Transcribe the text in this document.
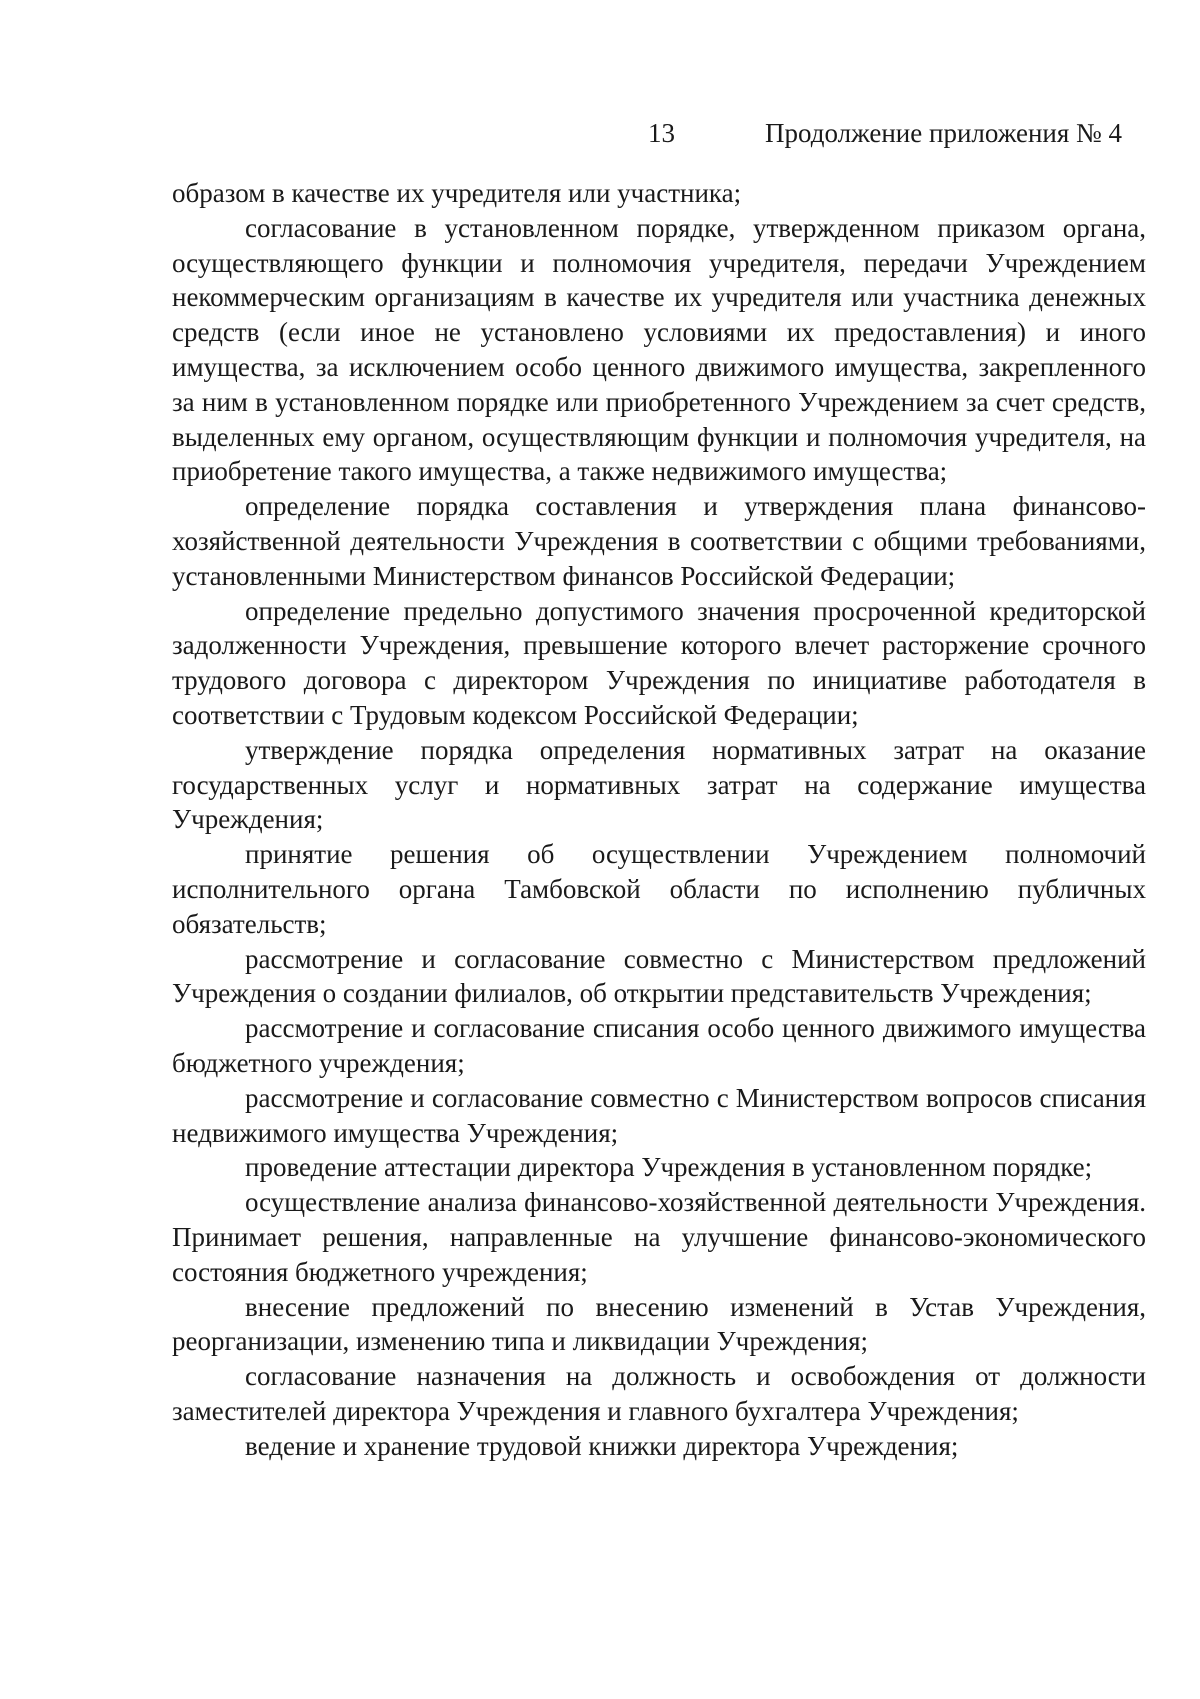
13	Продолжение приложения № 4

образом в качестве их учредителя или участника;

согласование в установленном порядке, утвержденном приказом органа, осуществляющего функции и полномочия учредителя, передачи Учреждением некоммерческим организациям в качестве их учредителя или участника денежных средств (если иное не установлено условиями их предоставления) и иного имущества, за исключением особо ценного движимого имущества, закрепленного за ним в установленном порядке или приобретенного Учреждением за счет средств, выделенных ему органом, осуществляющим функции и полномочия учредителя, на приобретение такого имущества, а также недвижимого имущества;

определение порядка составления и утверждения плана финансово-хозяйственной деятельности Учреждения в соответствии с общими требованиями, установленными Министерством финансов Российской Федерации;

определение предельно допустимого значения просроченной кредиторской задолженности Учреждения, превышение которого влечет расторжение срочного трудового договора с директором Учреждения по инициативе работодателя в соответствии с Трудовым кодексом Российской Федерации;

утверждение порядка определения нормативных затрат на оказание государственных услуг и нормативных затрат на содержание имущества Учреждения;

принятие решения об осуществлении Учреждением полномочий исполнительного органа Тамбовской области по исполнению публичных обязательств;

рассмотрение и согласование совместно с Министерством предложений Учреждения о создании филиалов, об открытии представительств Учреждения;

рассмотрение и согласование списания особо ценного движимого имущества бюджетного учреждения;

рассмотрение и согласование совместно с Министерством вопросов списания недвижимого имущества Учреждения;

проведение аттестации директора Учреждения в установленном порядке;

осуществление анализа финансово-хозяйственной деятельности Учреждения. Принимает решения, направленные на улучшение финансово-экономического состояния бюджетного учреждения;

внесение предложений по внесению изменений в Устав Учреждения, реорганизации, изменению типа и ликвидации Учреждения;

согласование назначения на должность и освобождения от должности заместителей директора Учреждения и главного бухгалтера Учреждения;

ведение и хранение трудовой книжки директора Учреждения;
